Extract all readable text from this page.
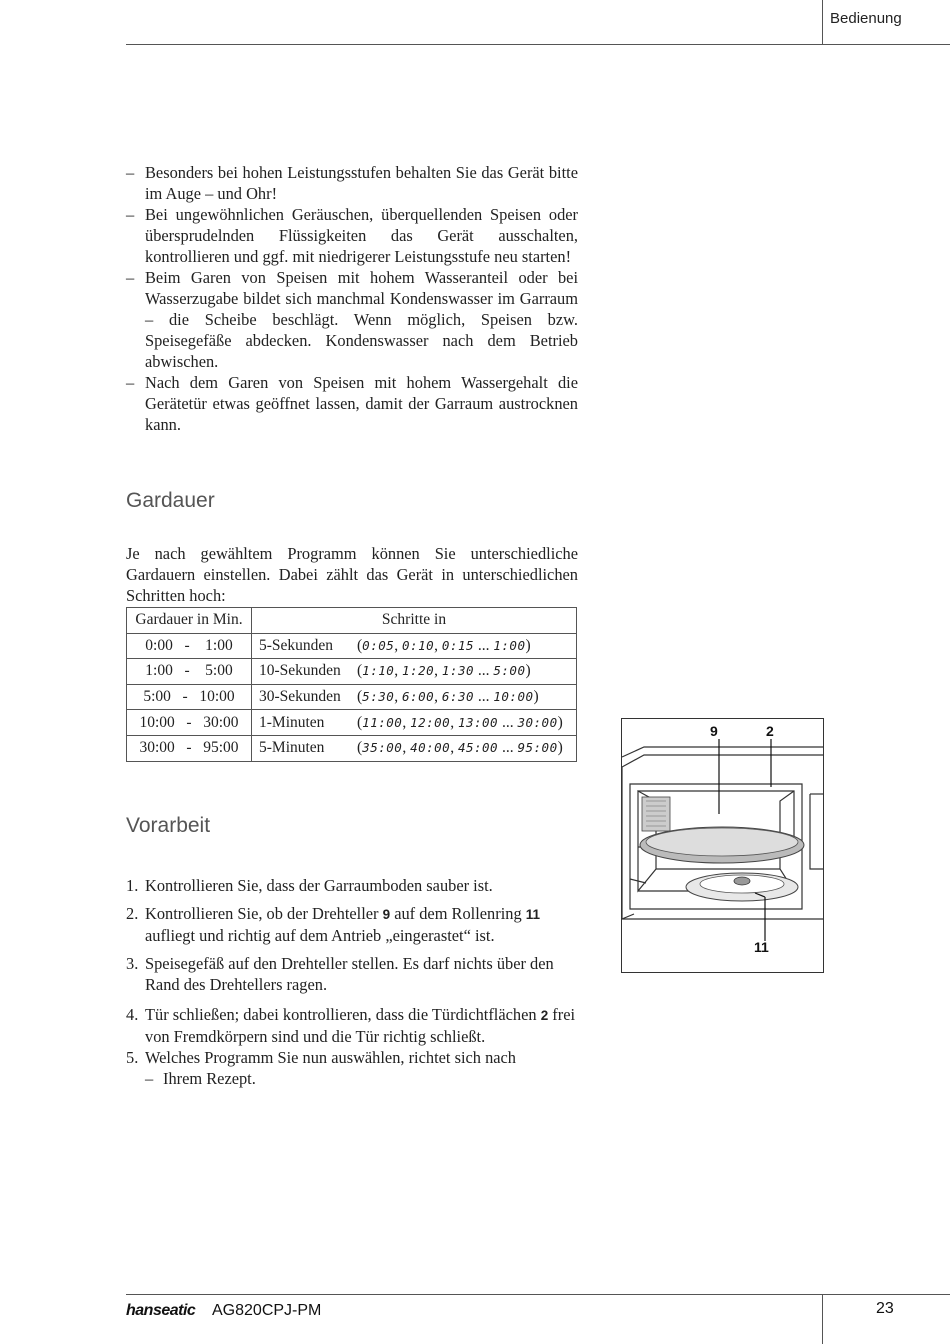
Bedienung
– Besonders bei hohen Leistungsstufen behalten Sie das Gerät bitte im Auge – und Ohr!
– Bei ungewöhnlichen Geräuschen, überquellenden Speisen oder übersprudelnden Flüssigkeiten das Gerät ausschalten, kontrollieren und ggf. mit niedrigerer Leistungsstufe neu starten!
– Beim Garen von Speisen mit hohem Wasseranteil oder bei Wasserzugabe bildet sich manchmal Kondenswasser im Garraum – die Scheibe beschlägt. Wenn möglich, Speisen bzw. Speisegefäße abdecken. Kondenswasser nach dem Betrieb abwischen.
– Nach dem Garen von Speisen mit hohem Wassergehalt die Gerätetür etwas geöffnet lassen, damit der Garraum austrocknen kann.
Gardauer
Je nach gewähltem Programm können Sie unterschiedliche Gardauern einstellen. Dabei zählt das Gerät in unterschiedlichen Schritten hoch:
Gardauer in Min.	Schritte in
0:00   -    1:00	5-Sekunden (0:05, 0:10, 0:15 ... 1:00)
1:00   -    5:00	10-Sekunden (1:10, 1:20, 1:30 ... 5:00)
5:00   -   10:00	30-Sekunden (5:30, 6:00, 6:30 ... 10:00)
10:00   -   30:00	1-Minuten (11:00, 12:00, 13:00 ... 30:00)
30:00   -   95:00	5-Minuten (35:00, 40:00, 45:00 ... 95:00)
Vorarbeit
1. Kontrollieren Sie, dass der Garraumboden sauber ist.
2. Kontrollieren Sie, ob der Drehteller 9 auf dem Rollenring 11 aufliegt und richtig auf dem Antrieb „eingerastet“ ist.
3. Speisegefäß auf den Drehteller stellen. Es darf nichts über den Rand des Drehtellers ragen.
4. Tür schließen; dabei kontrollieren, dass die Türdichtflächen 2 frei von Fremdkörpern sind und die Tür richtig schließt.
5. Welches Programm Sie nun auswählen, richtet sich nach
– Ihrem Rezept.
9	2
11
hanseatic AG820CPJ-PM	23
